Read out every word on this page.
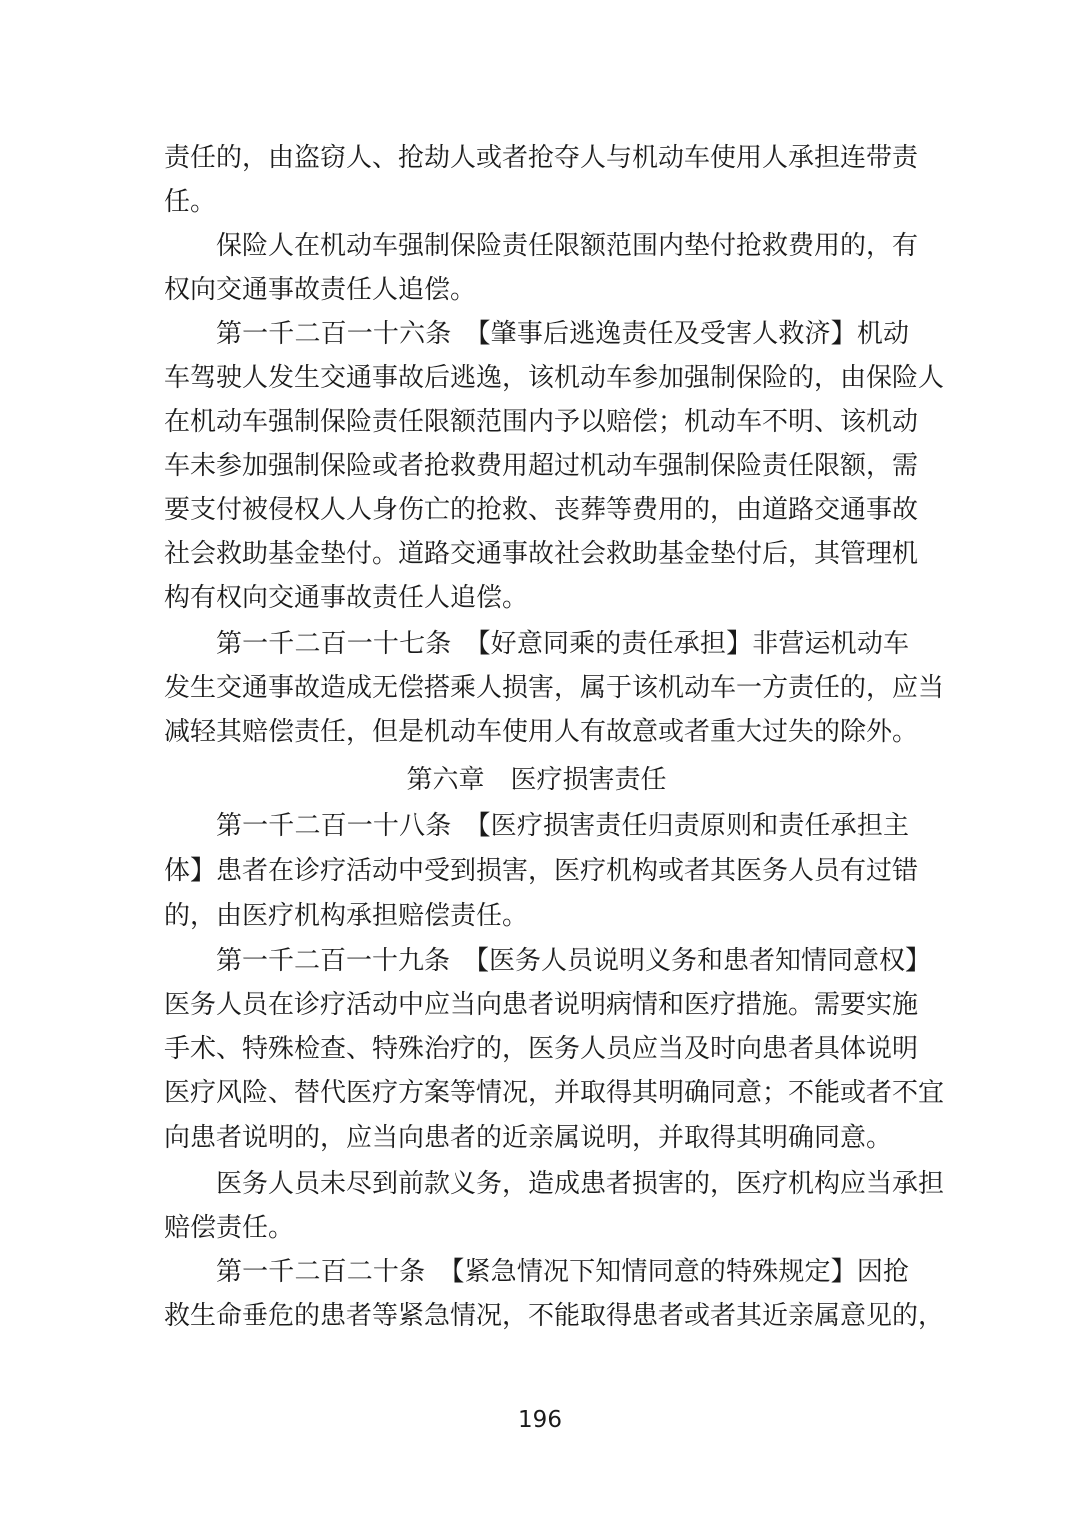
责任的，由盗窃人、抢劫人或者抢夺人与机动车使用人承担连带责
任。
保险人在机动车强制保险责任限额范围内垫付抢救费用的，有
权向交通事故责任人追偿。
第一千二百一十六条　【肇事后逃逸责任及受害人救济】机动
车驾驶人发生交通事故后逃逸，该机动车参加强制保险的，由保险人
在机动车强制保险责任限额范围内予以赔偿；机动车不明、该机动
车未参加强制保险或者抢救费用超过机动车强制保险责任限额，需
要支付被侵权人人身伤亡的抢救、丧葬等费用的，由道路交通事故
社会救助基金垫付。道路交通事故社会救助基金垫付后，其管理机
构有权向交通事故责任人追偿。
第一千二百一十七条　【好意同乘的责任承担】非营运机动车
发生交通事故造成无偿搭乘人损害，属于该机动车一方责任的，应当
减轻其赔偿责任，但是机动车使用人有故意或者重大过失的除外。
第六章　医疗损害责任
第一千二百一十八条　【医疗损害责任归责原则和责任承担主
体】患者在诊疗活动中受到损害，医疗机构或者其医务人员有过错
的，由医疗机构承担赔偿责任。
第一千二百一十九条　【医务人员说明义务和患者知情同意权】
医务人员在诊疗活动中应当向患者说明病情和医疗措施。需要实施
手术、特殊检查、特殊治疗的，医务人员应当及时向患者具体说明
医疗风险、替代医疗方案等情况，并取得其明确同意；不能或者不宜
向患者说明的，应当向患者的近亲属说明，并取得其明确同意。
医务人员未尽到前款义务，造成患者损害的，医疗机构应当承担
赔偿责任。
第一千二百二十条　【紧急情况下知情同意的特殊规定】因抢
救生命垂危的患者等紧急情况，不能取得患者或者其近亲属意见的，
196
